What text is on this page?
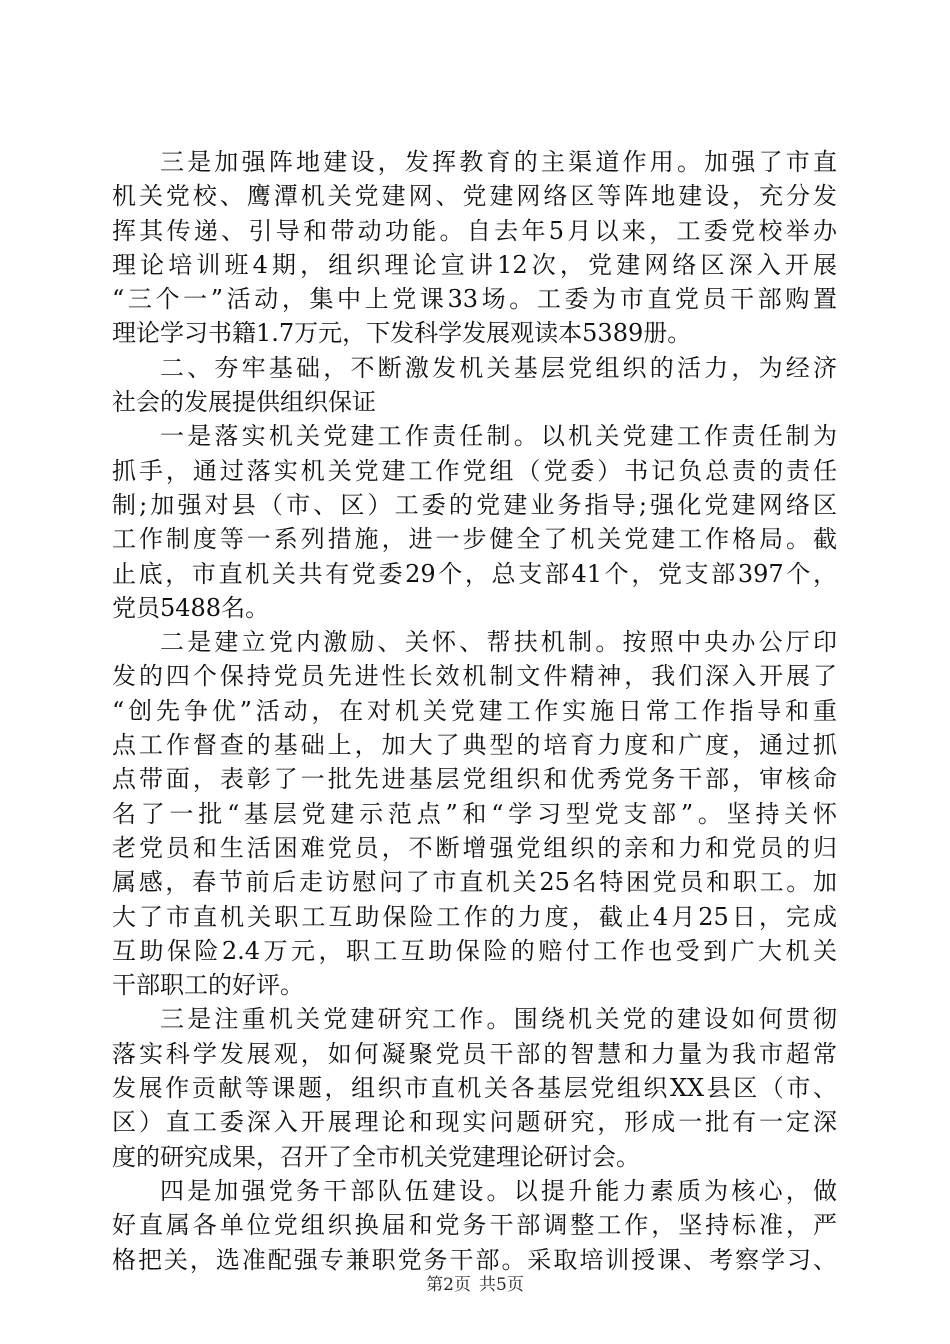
三是加强阵地建设，发挥教育的主渠道作用。加强了市直
机关党校、鹰潭机关党建网、党建网络区等阵地建设，充分发
挥其传递、引导和带动功能。自去年5月以来，工委党校举办
理论培训班4期，组织理论宣讲12次，党建网络区深入开展
“三个一”活动，集中上党课33场。工委为市直党员干部购置
理论学习书籍1.7万元，下发科学发展观读本5389册。
二、夯牢基础，不断激发机关基层党组织的活力，为经济
社会的发展提供组织保证
一是落实机关党建工作责任制。以机关党建工作责任制为
抓手，通过落实机关党建工作党组（党委）书记负总责的责任
制;加强对县（市、区）工委的党建业务指导;强化党建网络区
工作制度等一系列措施，进一步健全了机关党建工作格局。截
止底，市直机关共有党委29个，总支部41个，党支部397个，
党员5488名。
二是建立党内激励、关怀、帮扶机制。按照中央办公厅印
发的四个保持党员先进性长效机制文件精神，我们深入开展了
“创先争优”活动，在对机关党建工作实施日常工作指导和重
点工作督查的基础上，加大了典型的培育力度和广度，通过抓
点带面，表彰了一批先进基层党组织和优秀党务干部，审核命
名了一批“基层党建示范点”和“学习型党支部”。坚持关怀
老党员和生活困难党员，不断增强党组织的亲和力和党员的归
属感，春节前后走访慰问了市直机关25名特困党员和职工。加
大了市直机关职工互助保险工作的力度，截止4月25日，完成
互助保险2.4万元，职工互助保险的赔付工作也受到广大机关
干部职工的好评。
三是注重机关党建研究工作。围绕机关党的建设如何贯彻
落实科学发展观，如何凝聚党员干部的智慧和力量为我市超常
发展作贡献等课题，组织市直机关各基层党组织XX县区（市、
区）直工委深入开展理论和现实问题研究，形成一批有一定深
度的研究成果，召开了全市机关党建理论研讨会。
四是加强党务干部队伍建设。以提升能力素质为核心，做
好直属各单位党组织换届和党务干部调整工作，坚持标准，严
格把关，选准配强专兼职党务干部。采取培训授课、考察学习、
第2页 共5页
